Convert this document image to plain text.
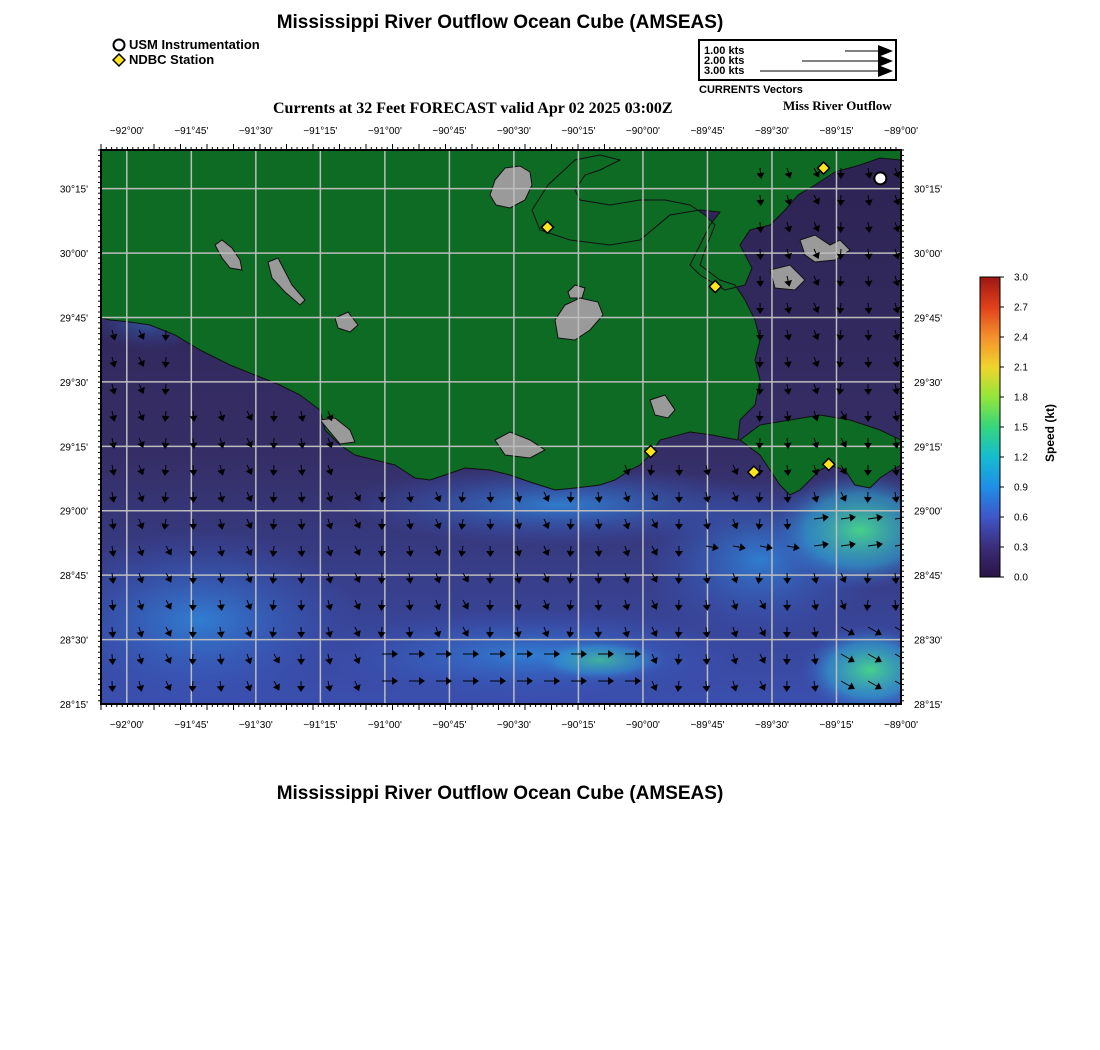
Mississippi River Outflow Ocean Cube (AMSEAS)
USM Instrumentation
NDBC Station
1.00 kts
2.00 kts
3.00 kts
CURRENTS Vectors
Currents at 32 Feet FORECAST valid Apr 02 2025 03:00Z	Miss River Outflow
−92°00'
−92°00'
−91°45'
−91°45'
−91°30'
−91°30'
−91°15'
−91°15'
−91°00'
−91°00'
−90°45'
−90°45'
−90°30'
−90°30'
−90°15'
−90°15'
−90°00'
−90°00'
−89°45'
−89°45'
−89°30'
−89°30'
−89°15'
−89°15'
−89°00'
−89°00'
30°15'	30°15'
30°00'	30°00'
29°45'	29°45'
29°30'	29°30'
29°15'	29°15'
29°00'	29°00'
28°45'	28°45'
28°30'	28°30'
28°15'	28°15'
3.0
2.7
2.4
2.1
1.8
1.5
1.2
0.9
0.6
0.3
0.0
Speed (kt)
Mississippi River Outflow Ocean Cube (AMSEAS)
